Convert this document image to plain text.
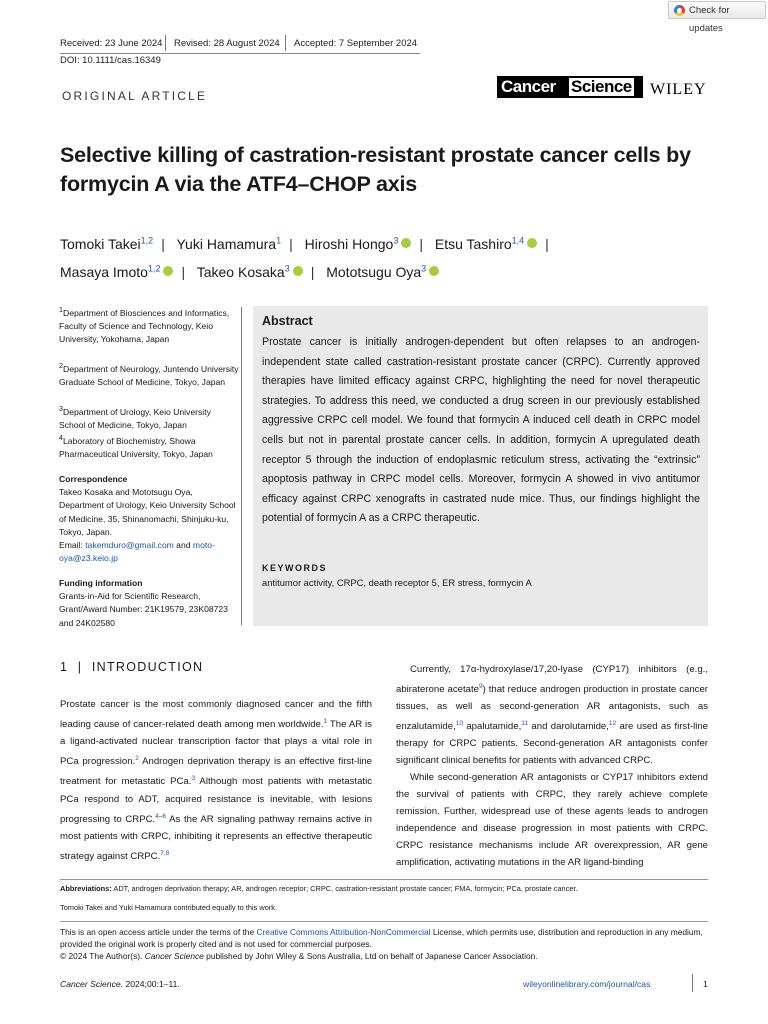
Check for updates
Received: 23 June 2024 Revised: 28 August 2024 Accepted: 7 September 2024
DOI: 10.1111/cas.16349
ORIGINAL ARTICLE	Cancer Science WILEY
Selective killing of castration-resistant prostate cancer cells by formycin A via the ATF4–CHOP axis
Tomoki Takei$^{1,2}$ | Yuki Hamamura$^1$ | Hiroshi Hongo$^3$ | Etsu Tashiro$^{1,4}$ |
Masaya Imoto$^{1,2}$ | Takeo Kosaka$^3$ | Mototsugu Oya$^3$
$^1$Department of Biosciences and Informatics, Faculty of Science and Technology, Keio University, Yokohama, Japan
$^2$Department of Neurology, Juntendo University Graduate School of Medicine, Tokyo, Japan
$^3$Department of Urology, Keio University School of Medicine, Tokyo, Japan
$^4$Laboratory of Biochemistry, Showa Pharmaceutical University, Tokyo, Japan
Correspondence
Takeo Kosaka and Mototsugu Oya, Department of Urology, Keio University School of Medicine, 35, Shinanomachi, Shinjuku-ku, Tokyo, Japan.
Email: takemduro@gmail.com and moto-oya@z3.keio.jp
Funding information
Grants-in-Aid for Scientific Research, Grant/Award Number: 21K19579, 23K08723 and 24K02580
Abstract
Prostate cancer is initially androgen-dependent but often relapses to an androgen-independent state called castration-resistant prostate cancer (CRPC). Currently approved therapies have limited efficacy against CRPC, highlighting the need for novel therapeutic strategies. To address this need, we conducted a drug screen in our previously established aggressive CRPC cell model. We found that formycin A induced cell death in CRPC model cells but not in parental prostate cancer cells. In addition, formycin A upregulated death receptor 5 through the induction of endoplasmic reticulum stress, activating the “extrinsic” apoptosis pathway in CRPC model cells. Moreover, formycin A showed in vivo antitumor efficacy against CRPC xenografts in castrated nude mice. Thus, our findings highlight the potential of formycin A as a CRPC therapeutic.
KEYWORDS
antitumor activity, CRPC, death receptor 5, ER stress, formycin A
1  |  INTRODUCTION
Prostate cancer is the most commonly diagnosed cancer and the fifth leading cause of cancer-related death among men worldwide.$^1$ The AR is a ligand-activated nuclear transcription factor that plays a vital role in PCa progression.$^2$ Androgen deprivation therapy is an effective first-line treatment for metastatic PCa.$^3$ Although most patients with metastatic PCa respond to ADT, acquired resistance is inevitable, with lesions progressing to CRPC.$^{4-6}$ As the AR signaling pathway remains active in most patients with CRPC, inhibiting it represents an effective therapeutic strategy against CRPC.$^{7,8}$
Currently, 17α-hydroxylase/17,20-lyase (CYP17) inhibitors (e.g., abiraterone acetate$^9$) that reduce androgen production in prostate cancer tissues, as well as second-generation AR antagonists, such as enzalutamide,$^{10}$ apalutamide,$^{11}$ and darolutamide,$^{12}$ are used as first-line therapy for CRPC patients. Second-generation AR antagonists confer significant clinical benefits for patients with advanced CRPC.
While second-generation AR antagonists or CYP17 inhibitors extend the survival of patients with CRPC, they rarely achieve complete remission. Further, widespread use of these agents leads to androgen independence and disease progression in most patients with CRPC. CRPC resistance mechanisms include AR overexpression, AR gene amplification, activating mutations in the AR ligand-binding
Abbreviations: ADT, androgen deprivation therapy; AR, androgen receptor; CRPC, castration-resistant prostate cancer; FMA, formycin; PCa, prostate cancer.
Tomoki Takei and Yuki Hamamura contributed equally to this work.
This is an open access article under the terms of the Creative Commons Attribution-NonCommercial License, which permits use, distribution and reproduction in any medium, provided the original work is properly cited and is not used for commercial purposes.
© 2024 The Author(s). Cancer Science published by John Wiley & Sons Australia, Ltd on behalf of Japanese Cancer Association.
Cancer Science. 2024;00:1–11.	wileyonlinelibrary.com/journal/cas	1
